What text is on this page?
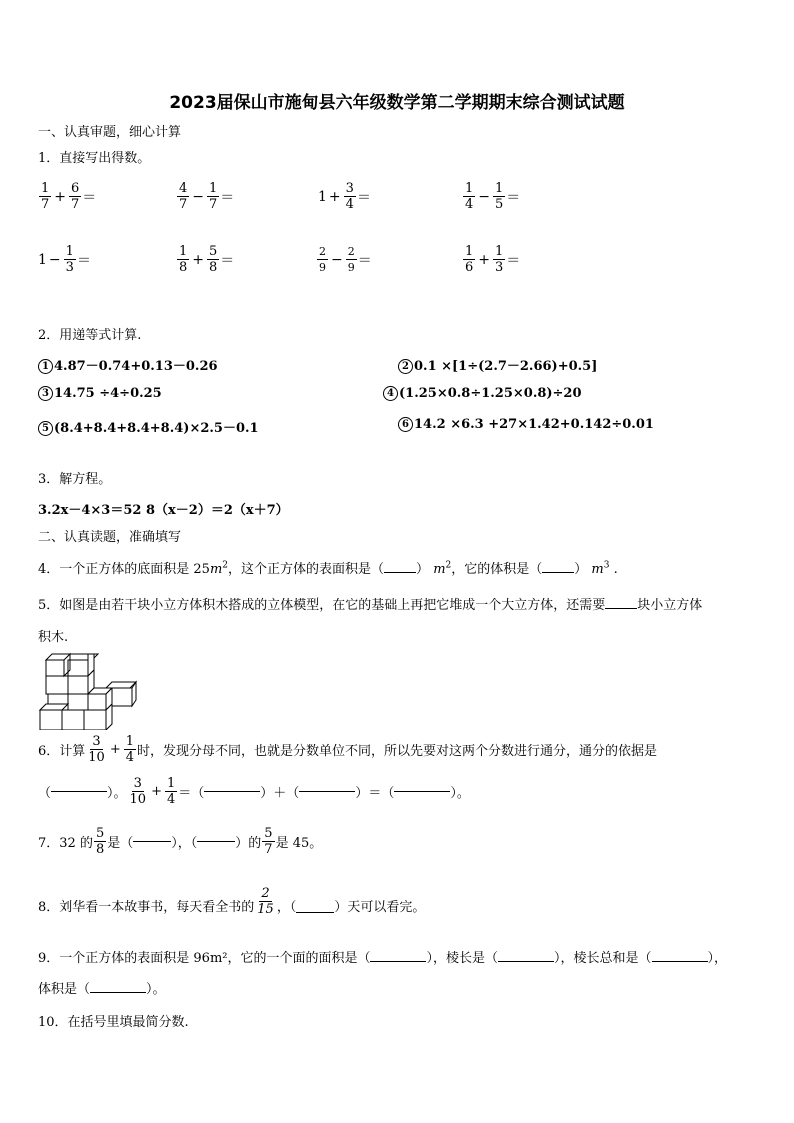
2023届保山市施甸县六年级数学第二学期期末综合测试试题
一、认真审题，细心计算
1．直接写出得数。
$\frac{1}{7} + \frac{6}{7}$ ＝	$\frac{4}{7} - \frac{1}{7}$ ＝	$1 + \frac{3}{4}$ ＝	$\frac{1}{4} - \frac{1}{5}$ ＝
$1 - \frac{1}{3}$ ＝	$\frac{1}{8} + \frac{5}{8}$ ＝	$\frac{2}{9} - \frac{2}{9}$ ＝	$\frac{1}{6} + \frac{1}{3}$ ＝
2．用递等式计算.
1 4.87－0.74+0.13－0.26	2 0.1 ×[1÷(2.7－2.66)+0.5]
3 14.75 ÷4÷0.25	4 (1.25×0.8÷1.25×0.8)÷20
5 (8.4+8.4+8.4+8.4)×2.5－0.1	6 14.2 ×6.3 +27×1.42+0.142÷0.01
3．解方程。
3.2x－4×3＝52 8（x－2）＝2（x＋7）
二、认真读题，准确填写
4．一个正方体的底面积是 $25m^2$，这个正方体的表面积是（ ） $m^2$，它的体积是（ ） $m^3$ .
5．如图是由若干块小立方体积木搭成的立体模型，在它的基础上再把它堆成一个大立方体，还需要 块小立方体
积木.
6．计算 $\frac{3}{10} + \frac{1}{4}$ 时，发现分母不同，也就是分数单位不同，所以先要对这两个分数进行通分，通分的依据是
（	）。 $\frac{3}{10} + \frac{1}{4}$ ＝（	） ＋（	）＝（	）。
7．32 的 $\frac{5}{8}$ 是（	），（	）的 $\frac{5}{7}$ 是 45。
8．刘华看一本故事书，每天看全书的 $\frac{2}{15}$ ，（	）天可以看完。
9．一个正方体的表面积是 96m²，它的一个面的面积是（	），棱长是（	），棱长总和是（	），
体积是（	）。
10．在括号里填最简分数.
